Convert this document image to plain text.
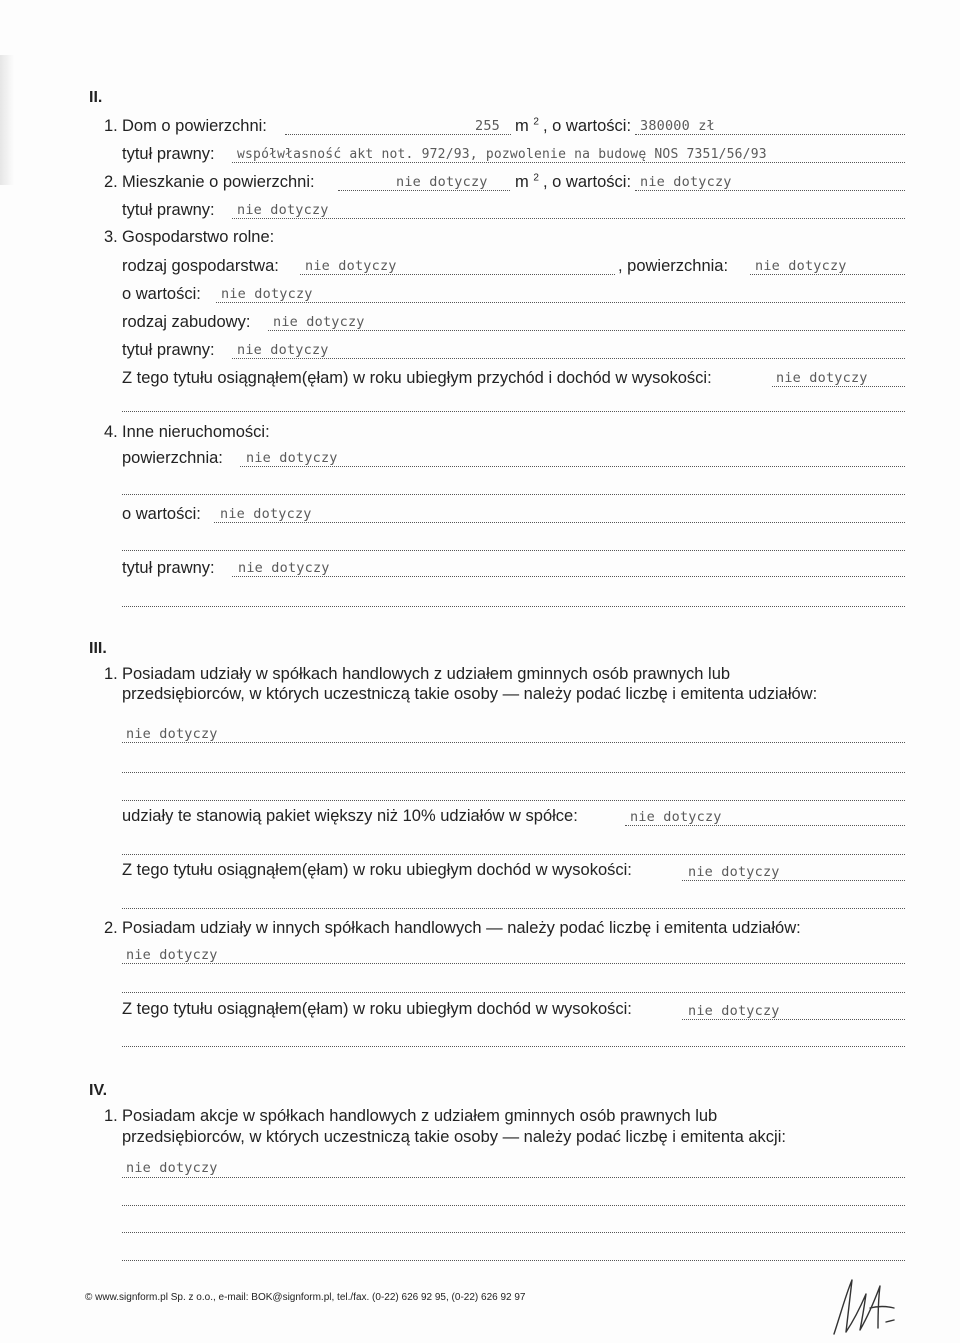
II.
1. Dom o powierzchni:	255 m $^2$ , o wartości: 380000 zł
tytuł prawny: współwłasność akt not. 972/93, pozwolenie na budowę NOS 7351/56/93
2. Mieszkanie o powierzchni:	nie dotyczy m $^2$ , o wartości: nie dotyczy
tytuł prawny: nie dotyczy
3. Gospodarstwo rolne:
rodzaj gospodarstwa: nie dotyczy	, powierzchnia: nie dotyczy
o wartości: nie dotyczy
rodzaj zabudowy: nie dotyczy
tytuł prawny: nie dotyczy
Z tego tytułu osiągnąłem(ęłam) w roku ubiegłym przychód i dochód w wysokości:	nie dotyczy
4. Inne nieruchomości:
powierzchnia: nie dotyczy
o wartości: nie dotyczy
tytuł prawny: nie dotyczy
III.
1. Posiadam udziały w spółkach handlowych z udziałem gminnych osób prawnych lub
przedsiębiorców, w których uczestniczą takie osoby — należy podać liczbę i emitenta udziałów:
nie dotyczy
udziały te stanowią pakiet większy niż 10% udziałów w spółce:	nie dotyczy
Z tego tytułu osiągnąłem(ęłam) w roku ubiegłym dochód w wysokości:	nie dotyczy
2. Posiadam udziały w innych spółkach handlowych — należy podać liczbę i emitenta udziałów:
nie dotyczy
Z tego tytułu osiągnąłem(ęłam) w roku ubiegłym dochód w wysokości:	nie dotyczy
IV.
1. Posiadam akcje w spółkach handlowych z udziałem gminnych osób prawnych lub
przedsiębiorców, w których uczestniczą takie osoby — należy podać liczbę i emitenta akcji:
nie dotyczy
© www.signform.pl Sp. z o.o., e-mail: BOK@signform.pl, tel./fax. (0-22) 626 92 95, (0-22) 626 92 97
